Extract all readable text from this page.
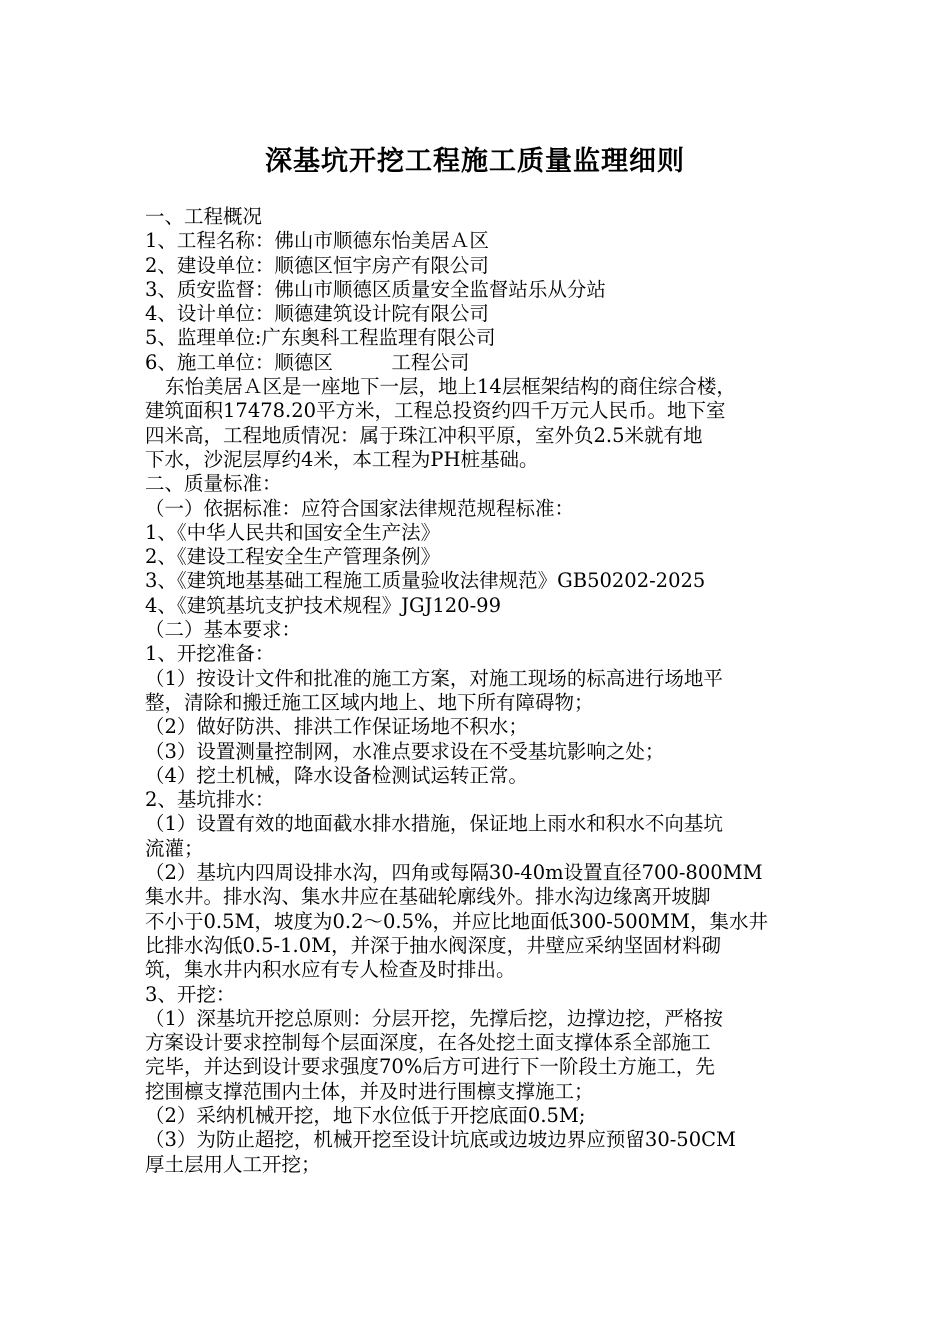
深基坑开挖工程施工质量监理细则
一、工程概况
1、工程名称：佛山市顺德东怡美居Ａ区
2、建设单位：顺德区恒宇房产有限公司
3、质安监督：佛山市顺德区质量安全监督站乐从分站
4、设计单位：顺德建筑设计院有限公司
5、监理单位:广东奥科工程监理有限公司
6、施工单位：顺德区　　　工程公司
东怡美居Ａ区是一座地下一层，地上14层框架结构的商住综合楼，
建筑面积17478.20平方米，工程总投资约四千万元人民币。地下室
四米高，工程地质情况：属于珠江冲积平原，室外负2.5米就有地
下水，沙泥层厚约4米，本工程为PH桩基础。
二、质量标准：
（一）依据标准：应符合国家法律规范规程标准：
1、《中华人民共和国安全生产法》
2、《建设工程安全生产管理条例》
3、《建筑地基基础工程施工质量验收法律规范》GB50202-2025
4、《建筑基坑支护技术规程》JGJ120-99
（二）基本要求：
1、开挖准备：
（1）按设计文件和批准的施工方案，对施工现场的标高进行场地平
整，清除和搬迁施工区域内地上、地下所有障碍物；
（2）做好防洪、排洪工作保证场地不积水；
（3）设置测量控制网，水准点要求设在不受基坑影响之处；
（4）挖土机械，降水设备检测试运转正常。
2、基坑排水：
（1）设置有效的地面截水排水措施，保证地上雨水和积水不向基坑
流灌；
（2）基坑内四周设排水沟，四角或每隔30-40m设置直径700-800MM
集水井。排水沟、集水井应在基础轮廓线外。排水沟边缘离开坡脚
不小于0.5M，坡度为0.2～0.5%，并应比地面低300-500MM，集水井
比排水沟低0.5-1.0M，并深于抽水阀深度，井壁应采纳坚固材料砌
筑，集水井内积水应有专人检查及时排出。
3、开挖：
（1）深基坑开挖总原则：分层开挖，先撑后挖，边撑边挖，严格按
方案设计要求控制每个层面深度，在各处挖土面支撑体系全部施工
完毕，并达到设计要求强度70%后方可进行下一阶段土方施工，先
挖围檩支撑范围内土体，并及时进行围檩支撑施工；
（2）采纳机械开挖，地下水位低于开挖底面0.5M;
（3）为防止超挖，机械开挖至设计坑底或边坡边界应预留30-50CM
厚土层用人工开挖；
